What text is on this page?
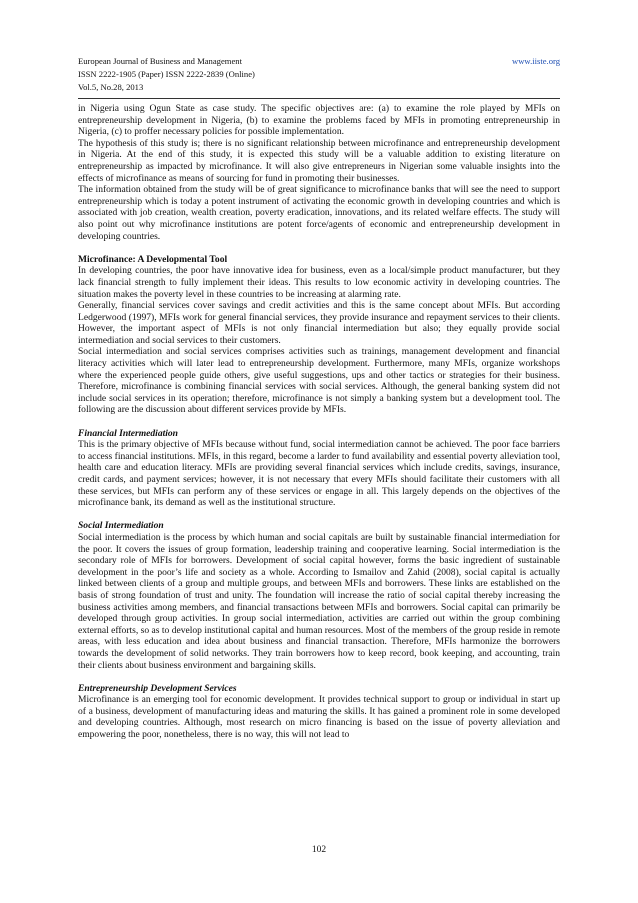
European Journal of Business and Management	www.iiste.org
ISSN 2222-1905 (Paper) ISSN 2222-2839 (Online)
Vol.5, No.28, 2013

in Nigeria using Ogun State as case study. The specific objectives are: (a) to examine the role played by MFIs on entrepreneurship development in Nigeria, (b) to examine the problems faced by MFIs in promoting entrepreneurship in Nigeria, (c) to proffer necessary policies for possible implementation.

The hypothesis of this study is; there is no significant relationship between microfinance and entrepreneurship development in Nigeria. At the end of this study, it is expected this study will be a valuable addition to existing literature on entrepreneurship as impacted by microfinance. It will also give entrepreneurs in Nigerian some valuable insights into the effects of microfinance as means of sourcing for fund in promoting their businesses.

The information obtained from the study will be of great significance to microfinance banks that will see the need to support entrepreneurship which is today a potent instrument of activating the economic growth in developing countries and which is associated with job creation, wealth creation, poverty eradication, innovations, and its related welfare effects. The study will also point out why microfinance institutions are potent force/agents of economic and entrepreneurship development in developing countries.

Microfinance: A Developmental Tool

In developing countries, the poor have innovative idea for business, even as a local/simple product manufacturer, but they lack financial strength to fully implement their ideas. This results to low economic activity in developing countries. The situation makes the poverty level in these countries to be increasing at alarming rate.

Generally, financial services cover savings and credit activities and this is the same concept about MFIs. But according Ledgerwood (1997), MFIs work for general financial services, they provide insurance and repayment services to their clients. However, the important aspect of MFIs is not only financial intermediation but also; they equally provide social intermediation and social services to their customers.

Social intermediation and social services comprises activities such as trainings, management development and financial literacy activities which will later lead to entrepreneurship development. Furthermore, many MFIs, organize workshops where the experienced people guide others, give useful suggestions, ups and other tactics or strategies for their business. Therefore, microfinance is combining financial services with social services. Although, the general banking system did not include social services in its operation; therefore, microfinance is not simply a banking system but a development tool. The following are the discussion about different services provide by MFIs.

Financial Intermediation

This is the primary objective of MFIs because without fund, social intermediation cannot be achieved. The poor face barriers to access financial institutions. MFIs, in this regard, become a larder to fund availability and essential poverty alleviation tool, health care and education literacy. MFIs are providing several financial services which include credits, savings, insurance, credit cards, and payment services; however, it is not necessary that every MFIs should facilitate their customers with all these services, but MFIs can perform any of these services or engage in all. This largely depends on the objectives of the microfinance bank, its demand as well as the institutional structure.

Social Intermediation

Social intermediation is the process by which human and social capitals are built by sustainable financial intermediation for the poor. It covers the issues of group formation, leadership training and cooperative learning. Social intermediation is the secondary role of MFIs for borrowers. Development of social capital however, forms the basic ingredient of sustainable development in the poor’s life and society as a whole. According to Ismailov and Zahid (2008), social capital is actually linked between clients of a group and multiple groups, and between MFIs and borrowers. These links are established on the basis of strong foundation of trust and unity. The foundation will increase the ratio of social capital thereby increasing the business activities among members, and financial transactions between MFIs and borrowers. Social capital can primarily be developed through group activities. In group social intermediation, activities are carried out within the group combining external efforts, so as to develop institutional capital and human resources. Most of the members of the group reside in remote areas, with less education and idea about business and financial transaction. Therefore, MFIs harmonize the borrowers towards the development of solid networks. They train borrowers how to keep record, book keeping, and accounting, train their clients about business environment and bargaining skills.

Entrepreneurship Development Services

Microfinance is an emerging tool for economic development. It provides technical support to group or individual in start up of a business, development of manufacturing ideas and maturing the skills. It has gained a prominent role in some developed and developing countries. Although, most research on micro financing is based on the issue of poverty alleviation and empowering the poor, nonetheless, there is no way, this will not lead to

102
